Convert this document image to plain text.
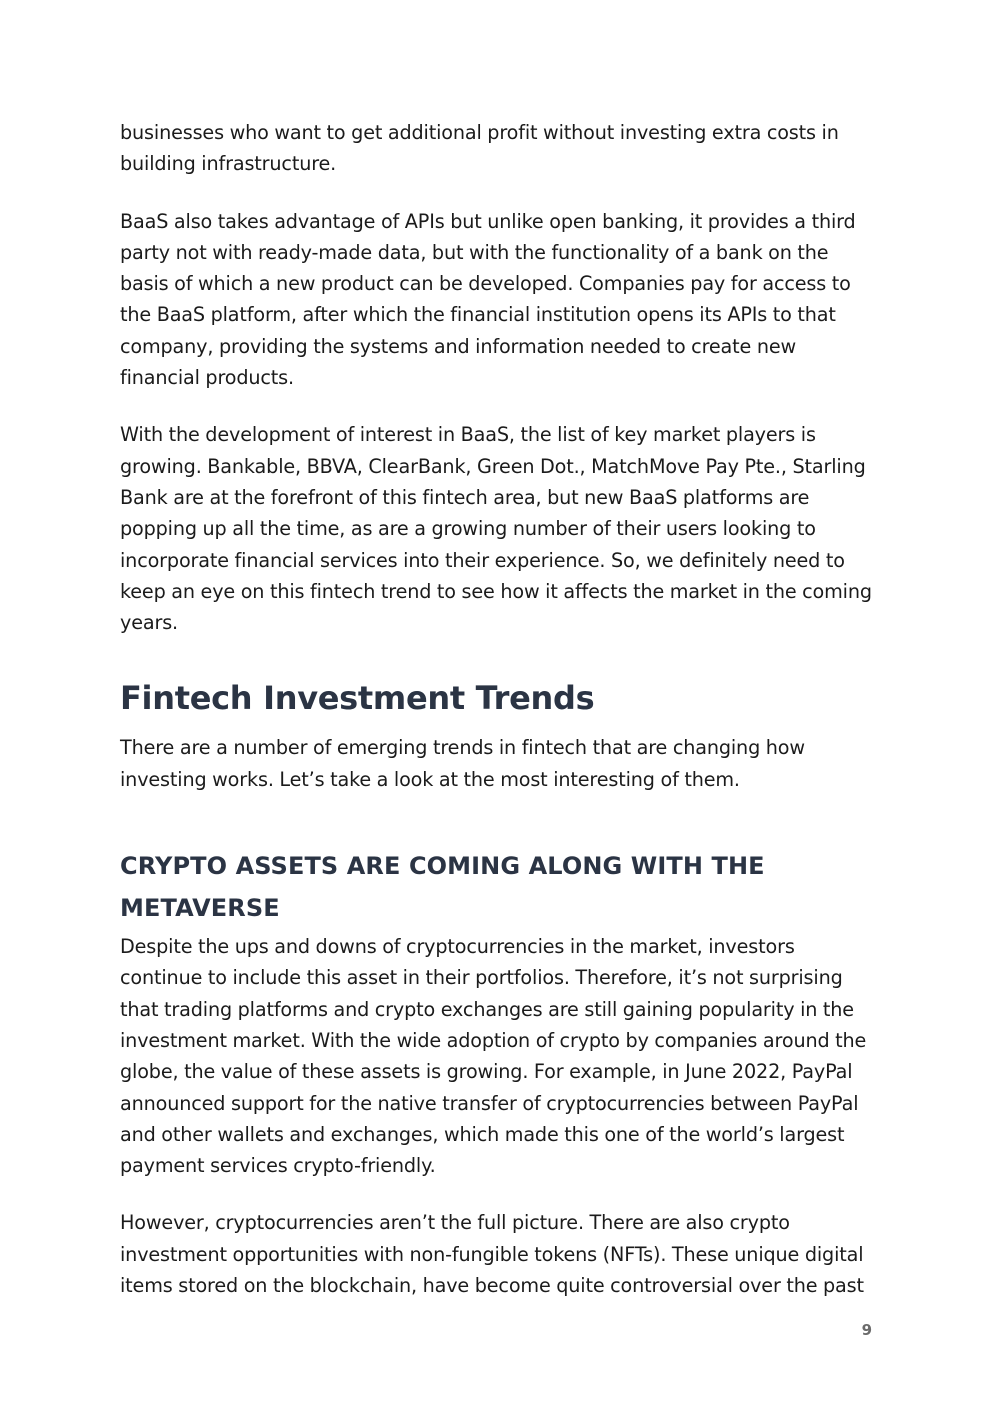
businesses who want to get additional profit without investing extra costs in building infrastructure.

BaaS also takes advantage of APIs but unlike open banking, it provides a third party not with ready-made data, but with the functionality of a bank on the basis of which a new product can be developed. Companies pay for access to the BaaS platform, after which the financial institution opens its APIs to that company, providing the systems and information needed to create new financial products.

With the development of interest in BaaS, the list of key market players is growing. Bankable, BBVA, ClearBank, Green Dot., MatchMove Pay Pte., Starling Bank are at the forefront of this fintech area, but new BaaS platforms are popping up all the time, as are a growing number of their users looking to incorporate financial services into their experience. So, we definitely need to keep an eye on this fintech trend to see how it affects the market in the coming years.

Fintech Investment Trends

There are a number of emerging trends in fintech that are changing how investing works. Let’s take a look at the most interesting of them.

CRYPTO ASSETS ARE COMING ALONG WITH THE METAVERSE

Despite the ups and downs of cryptocurrencies in the market, investors continue to include this asset in their portfolios. Therefore, it’s not surprising that trading platforms and crypto exchanges are still gaining popularity in the investment market. With the wide adoption of crypto by companies around the globe, the value of these assets is growing. For example, in June 2022, PayPal announced support for the native transfer of cryptocurrencies between PayPal and other wallets and exchanges, which made this one of the world’s largest payment services crypto-friendly.

However, cryptocurrencies aren’t the full picture. There are also crypto investment opportunities with non-fungible tokens (NFTs). These unique digital items stored on the blockchain, have become quite controversial over the past

9
